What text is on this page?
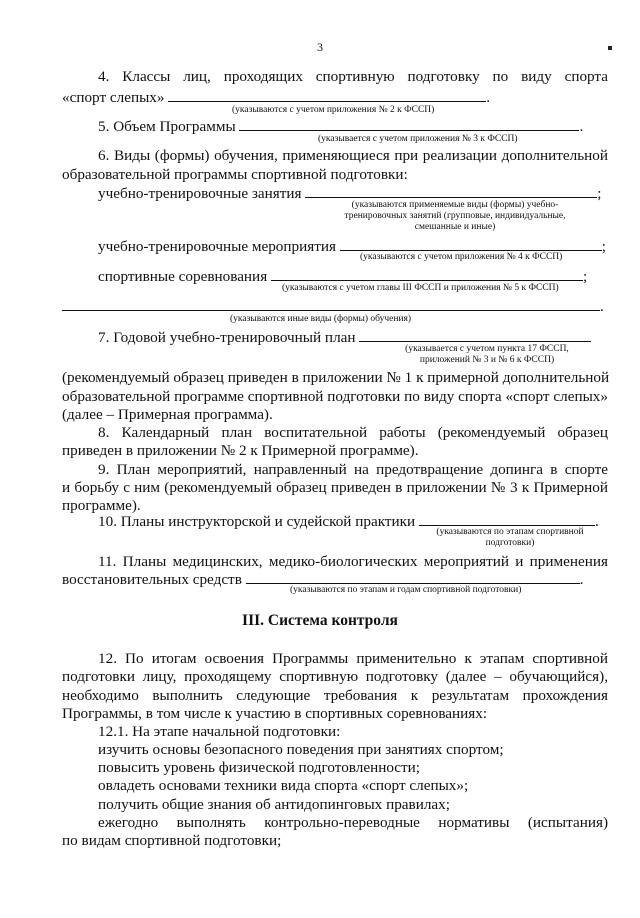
3
4. Классы лиц, проходящих спортивную подготовку по виду спорта
«спорт слепых»	.
(указываются с учетом приложения № 2 к ФССП)
5. Объем Программы	.
(указывается с учетом приложения № 3 к ФССП)
6. Виды (формы) обучения, применяющиеся при реализации дополнительной
образовательной программы спортивной подготовки:
учебно-тренировочные занятия	;
(указываются применяемые виды (формы) учебно-
тренировочных занятий (групповые, индивидуальные,
смешанные и иные)
учебно-тренировочные мероприятия	;
(указываются с учетом приложения № 4 к ФССП)
спортивные соревнования	;
(указываются с учетом главы III ФССП и приложения № 5 к ФССП)
.
(указываются иные виды (формы) обучения)
7. Годовой учебно-тренировочный план
(указывается с учетом пункта 17 ФССП,
приложений № 3 и № 6 к ФССП)
(рекомендуемый образец приведен в приложении № 1 к примерной дополнительной
образовательной программе спортивной подготовки по виду спорта «спорт слепых»
(далее – Примерная программа).
8. Календарный план воспитательной работы (рекомендуемый образец
приведен в приложении № 2 к Примерной программе).
9. План мероприятий, направленный на предотвращение допинга в спорте
и борьбу с ним (рекомендуемый образец приведен в приложении № 3 к Примерной
программе).
10. Планы инструкторской и судейской практики	.
(указываются по этапам спортивной
подготовки)
11. Планы медицинских, медико-биологических мероприятий и применения
восстановительных средств	.
(указываются по этапам и годам спортивной подготовки)
III. Система контроля
12. По итогам освоения Программы применительно к этапам спортивной
подготовки лицу, проходящему спортивную подготовку (далее – обучающийся),
необходимо выполнить следующие требования к результатам прохождения
Программы, в том числе к участию в спортивных соревнованиях:
12.1. На этапе начальной подготовки:
изучить основы безопасного поведения при занятиях спортом;
повысить уровень физической подготовленности;
овладеть основами техники вида спорта «спорт слепых»;
получить общие знания об антидопинговых правилах;
ежегодно выполнять контрольно-переводные нормативы (испытания)
по видам спортивной подготовки;
